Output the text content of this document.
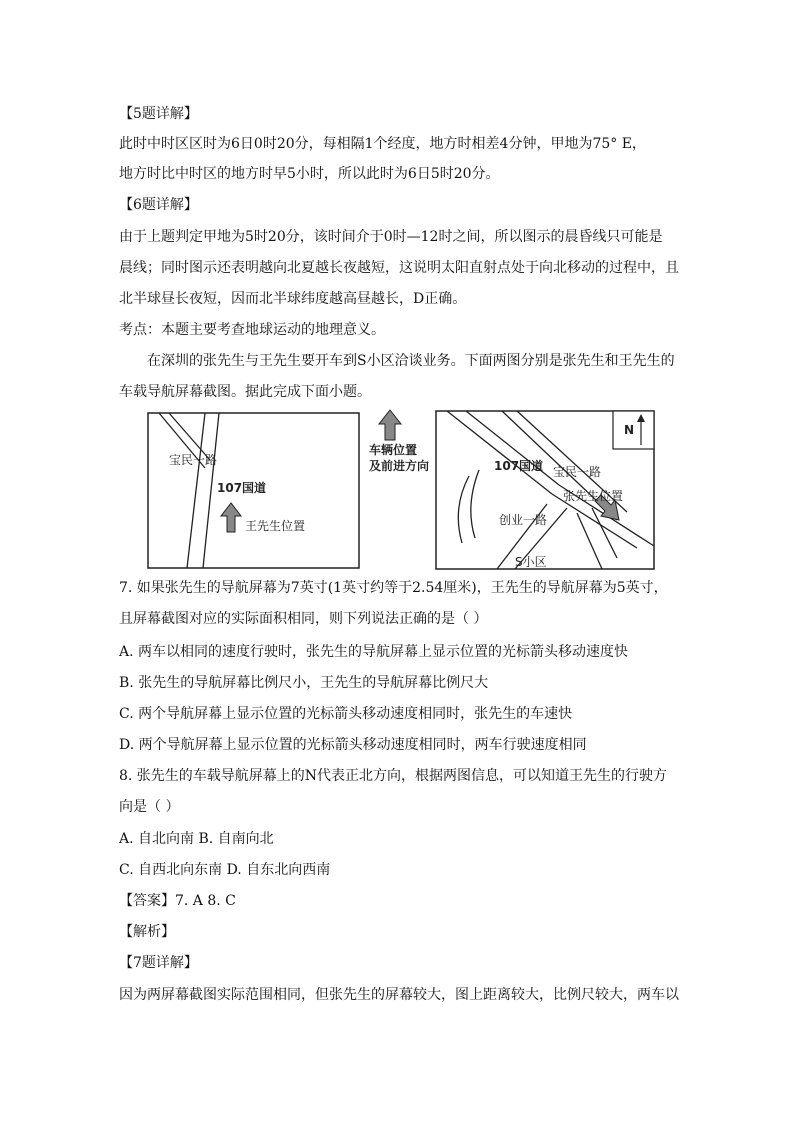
【5题详解】
此时中时区区时为6日0时20分，每相隔1个经度，地方时相差4分钟，甲地为75° E，
地方时比中时区的地方时早5小时，所以此时为6日5时20分。
【6题详解】
由于上题判定甲地为5时20分，该时间介于0时—12时之间，所以图示的晨昏线只可能是
晨线；同时图示还表明越向北夏越长夜越短，这说明太阳直射点处于向北移动的过程中，且
北半球昼长夜短，因而北半球纬度越高昼越长，D正确。
考点：本题主要考查地球运动的地理意义。
在深圳的张先生与王先生要开车到S小区洽谈业务。下面两图分别是张先生和王先生的
车载导航屏幕截图。据此完成下面小题。
宝民一路
107国道
王先生位置
车辆位置
及前进方向
N
107国道 宝民一路
张先生位置
创业一路
S小区
7. 如果张先生的导航屏幕为7英寸(1英寸约等于2.54厘米)，王先生的导航屏幕为5英寸，
且屏幕截图对应的实际面积相同，则下列说法正确的是（ ）
A. 两车以相同的速度行驶时，张先生的导航屏幕上显示位置的光标箭头移动速度快
B. 张先生的导航屏幕比例尺小，王先生的导航屏幕比例尺大
C. 两个导航屏幕上显示位置的光标箭头移动速度相同时，张先生的车速快
D. 两个导航屏幕上显示位置的光标箭头移动速度相同时，两车行驶速度相同
8. 张先生的车载导航屏幕上的N代表正北方向，根据两图信息，可以知道王先生的行驶方
向是（ ）
A. 自北向南 B. 自南向北
C. 自西北向东南 D. 自东北向西南
【答案】7. A 8. C
【解析】
【7题详解】
因为两屏幕截图实际范围相同，但张先生的屏幕较大，图上距离较大，比例尺较大，两车以
